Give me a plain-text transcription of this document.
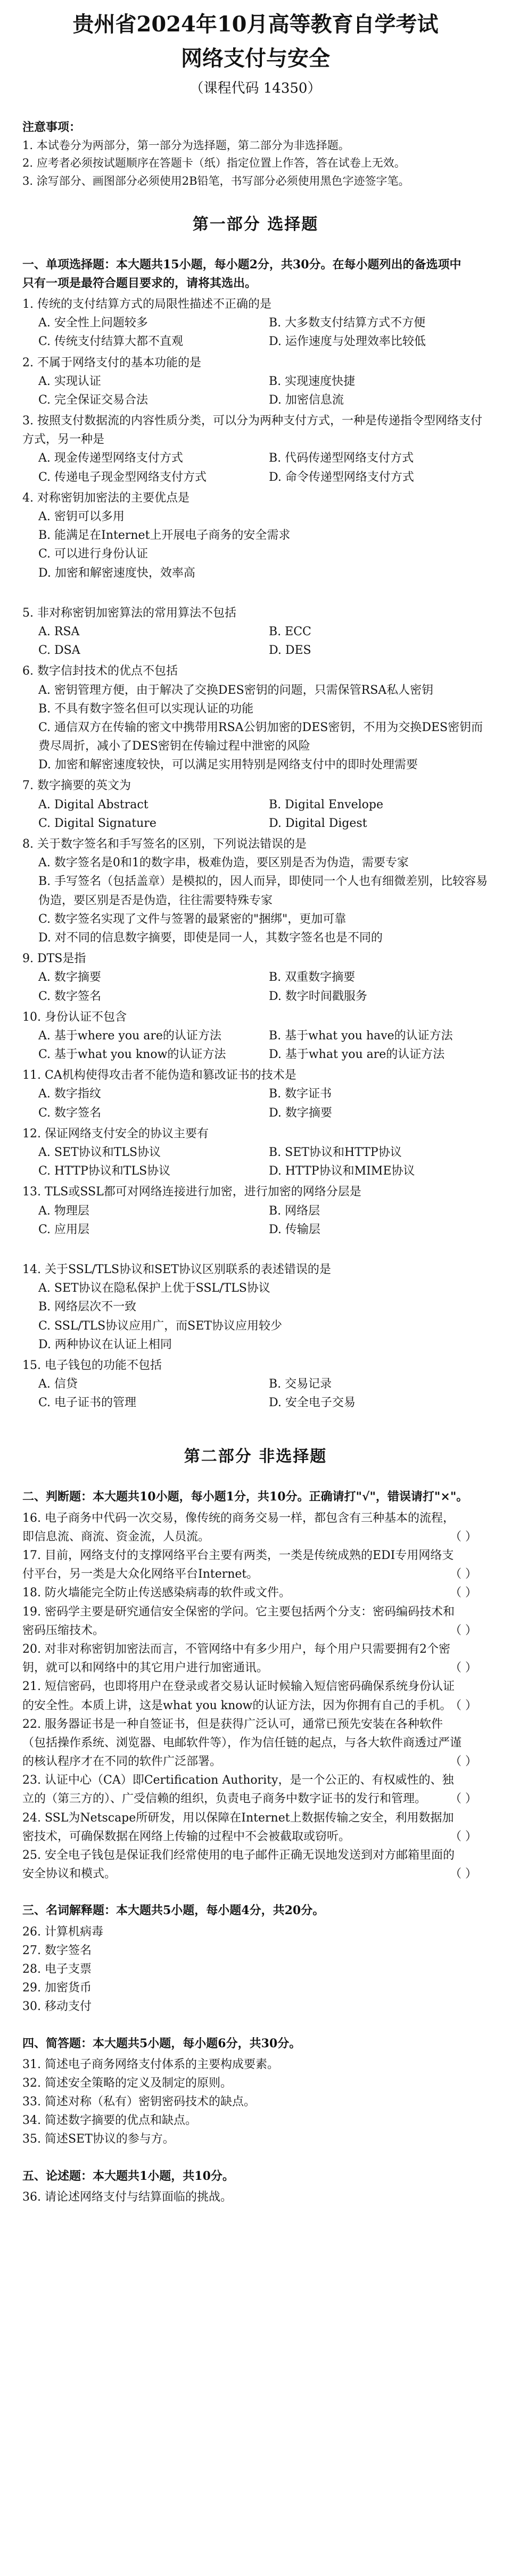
贵州省2024年10月高等教育自学考试
网络支付与安全
（课程代码 14350）

注意事项：

1. 本试卷分为两部分，第一部分为选择题，第二部分为非选择题。

2. 应考者必须按试题顺序在答题卡（纸）指定位置上作答，答在试卷上无效。

3. 涂写部分、画图部分必须使用2B铅笔，书写部分必须使用黑色字迹签字笔。

第一部分 选择题

一、单项选择题：本大题共15小题，每小题2分，共30分。在每小题列出的备选项中
只有一项是最符合题目要求的，请将其选出。

1. 传统的支付结算方式的局限性描述不正确的是

A. 安全性上问题较多	B. 大多数支付结算方式不方便

C. 传统支付结算大都不直观	D. 运作速度与处理效率比较低

2. 不属于网络支付的基本功能的是

A. 实现认证	B. 实现速度快捷

C. 完全保证交易合法	D. 加密信息流

3. 按照支付数据流的内容性质分类，可以分为两种支付方式，一种是传递指令型网络支付方式，另一种是

A. 现金传递型网络支付方式	B. 代码传递型网络支付方式

C. 传递电子现金型网络支付方式	D. 命令传递型网络支付方式

4. 对称密钥加密法的主要优点是

A. 密钥可以多用

B. 能满足在Internet上开展电子商务的安全需求

C. 可以进行身份认证

D. 加密和解密速度快，效率高

5. 非对称密钥加密算法的常用算法不包括

A. RSA	B. ECC

C. DSA	D. DES

6. 数字信封技术的优点不包括

A. 密钥管理方便，由于解决了交换DES密钥的问题，只需保管RSA私人密钥

B. 不具有数字签名但可以实现认证的功能

C. 通信双方在传输的密文中携带用RSA公钥加密的DES密钥，不用为交换DES密钥而费尽周折，减小了DES密钥在传输过程中泄密的风险

D. 加密和解密速度较快，可以满足实用特别是网络支付中的即时处理需要

7. 数字摘要的英文为

A. Digital Abstract	B. Digital Envelope

C. Digital Signature	D. Digital Digest

8. 关于数字签名和手写签名的区别，下列说法错误的是

A. 数字签名是0和1的数字串，极难伪造，要区别是否为伪造，需要专家

B. 手写签名（包括盖章）是模拟的，因人而异，即使同一个人也有细微差别，比较容易伪造，要区别是否是伪造，往往需要特殊专家

C. 数字签名实现了文件与签署的最紧密的"捆绑"，更加可靠

D. 对不同的信息数字摘要，即使是同一人，其数字签名也是不同的

9. DTS是指

A. 数字摘要	B. 双重数字摘要

C. 数字签名	D. 数字时间戳服务

10. 身份认证不包含

A. 基于where you are的认证方法	B. 基于what you have的认证方法

C. 基于what you know的认证方法	D. 基于what you are的认证方法

11. CA机构使得攻击者不能伪造和篡改证书的技术是

A. 数字指纹	B. 数字证书

C. 数字签名	D. 数字摘要

12. 保证网络支付安全的协议主要有

A. SET协议和TLS协议	B. SET协议和HTTP协议

C. HTTP协议和TLS协议	D. HTTP协议和MIME协议

13. TLS或SSL都可对网络连接进行加密，进行加密的网络分层是

A. 物理层	B. 网络层

C. 应用层	D. 传输层

14. 关于SSL/TLS协议和SET协议区别联系的表述错误的是

A. SET协议在隐私保护上优于SSL/TLS协议

B. 网络层次不一致

C. SSL/TLS协议应用广，而SET协议应用较少

D. 两种协议在认证上相同

15. 电子钱包的功能不包括

A. 信贷	B. 交易记录

C. 电子证书的管理	D. 安全电子交易

第二部分 非选择题

二、判断题：本大题共10小题，每小题1分，共10分。正确请打"√"，错误请打"×"。

16. 电子商务中代码一次交易，像传统的商务交易一样，都包含有三种基本的流程，即信息流、商流、资金流，人员流。	（ ）

17. 目前，网络支付的支撑网络平台主要有两类，一类是传统成熟的EDI专用网络支付平台，另一类是大众化网络平台Internet。	（ ）

18. 防火墙能完全防止传送感染病毒的软件或文件。	（ ）

19. 密码学主要是研究通信安全保密的学问。它主要包括两个分支：密码编码技术和密码压缩技术。	（ ）

20. 对非对称密钥加密法而言，不管网络中有多少用户，每个用户只需要拥有2个密钥，就可以和网络中的其它用户进行加密通讯。	（ ）

21. 短信密码，也即将用户在登录或者交易认证时候输入短信密码确保系统身份认证的安全性。本质上讲，这是what you know的认证方法，因为你拥有自己的手机。
（ ）

22. 服务器证书是一种自签证书，但是获得广泛认可，通常已预先安装在各种软件（包括操作系统、浏览器、电邮软件等），作为信任链的起点，与各大软件商透过严谨的核认程序才在不同的软件广泛部署。	（ ）

23. 认证中心（CA）即Certification Authority，是一个公正的、有权威性的、独立的（第三方的）、广受信赖的组织，负责电子商务中数字证书的发行和管理。 （ ）

24. SSL为Netscape所研发，用以保障在Internet上数据传输之安全，利用数据加密技术，可确保数据在网络上传输的过程中不会被截取或窃听。	（ ）

25. 安全电子钱包是保证我们经常使用的电子邮件正确无误地发送到对方邮箱里面的安全协议和模式。	（ ）

三、名词解释题：本大题共5小题，每小题4分，共20分。

26. 计算机病毒

27. 数字签名

28. 电子支票

29. 加密货币

30. 移动支付

四、简答题：本大题共5小题，每小题6分，共30分。

31. 简述电子商务网络支付体系的主要构成要素。

32. 简述安全策略的定义及制定的原则。

33. 简述对称（私有）密钥密码技术的缺点。

34. 简述数字摘要的优点和缺点。

35. 简述SET协议的参与方。

五、论述题：本大题共1小题，共10分。

36. 请论述网络支付与结算面临的挑战。
